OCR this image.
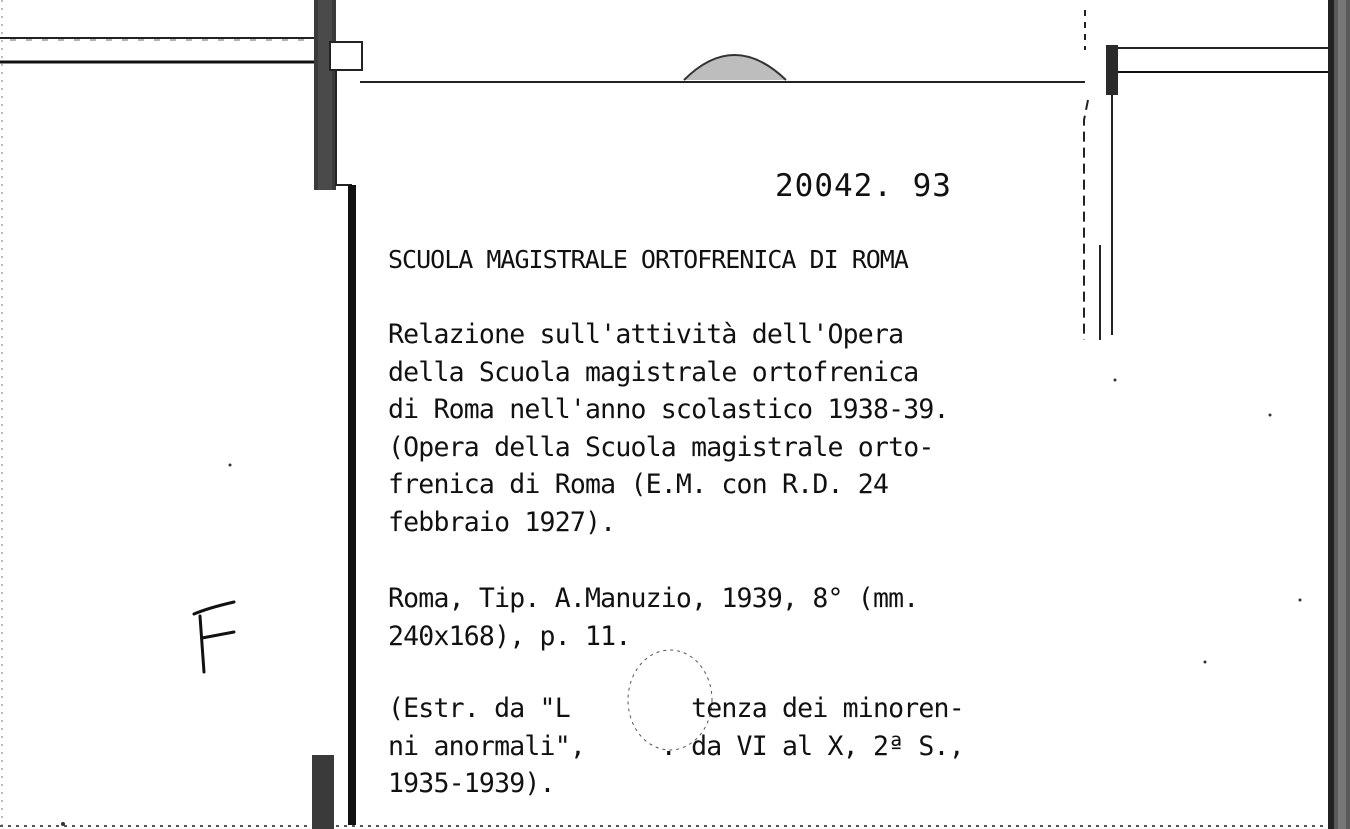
20042. 93
SCUOLA MAGISTRALE ORTOFRENICA DI ROMA
Relazione sull'attività dell'Opera
della Scuola magistrale ortofrenica
di Roma nell'anno scolastico 1938-39.
(Opera della Scuola magistrale orto-
frenica di Roma (E.M. con R.D. 24
febbraio 1927).
Roma, Tip. A.Manuzio, 1939, 8° (mm.
240x168), p. 11.
(Estr. da "L        tenza dei minoren-
ni anormali",     . da VI al X, 2ª S.,
1935-1939).
